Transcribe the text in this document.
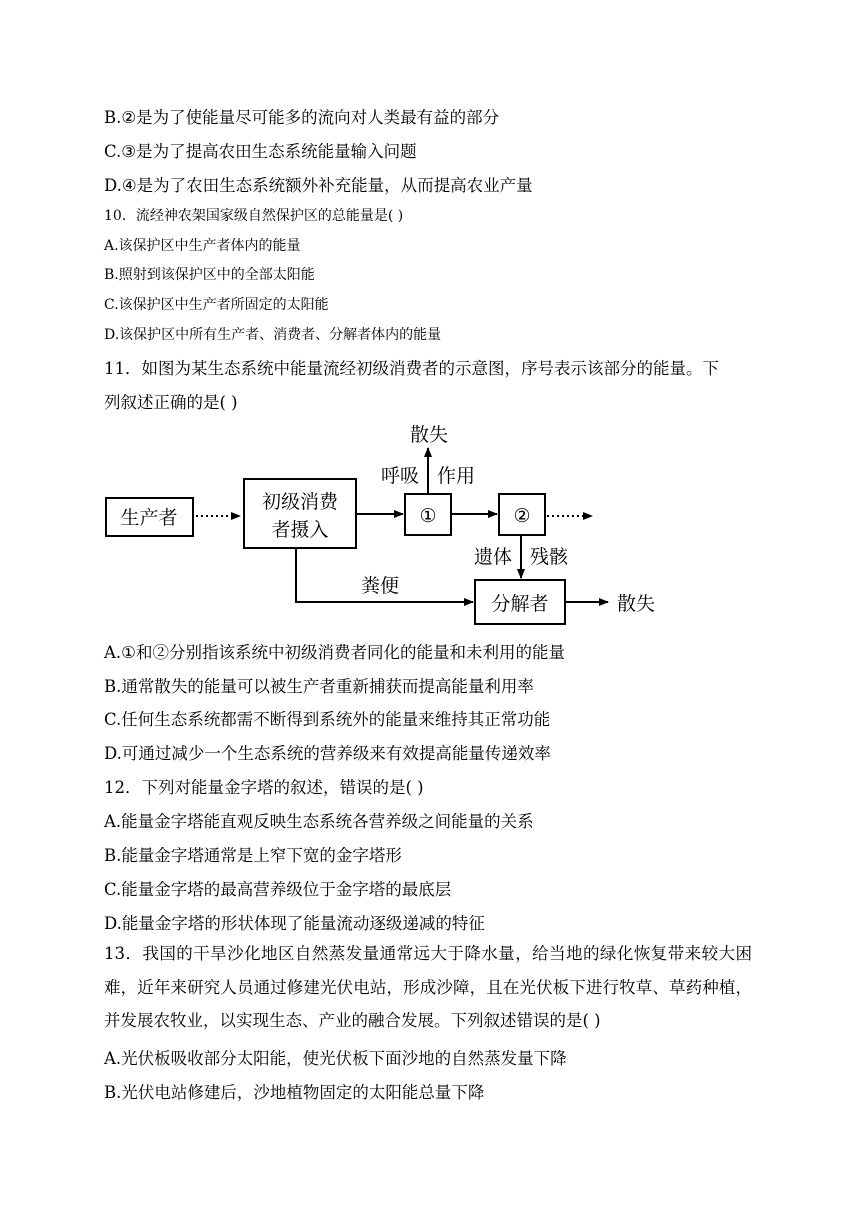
B.②是为了使能量尽可能多的流向对人类最有益的部分
C.③是为了提高农田生态系统能量输入问题
D.④是为了农田生态系统额外补充能量，从而提高农业产量
10．流经神农架国家级自然保护区的总能量是( )
A.该保护区中生产者体内的能量
B.照射到该保护区中的全部太阳能
C.该保护区中生产者所固定的太阳能
D.该保护区中所有生产者、消费者、分解者体内的能量
11．如图为某生态系统中能量流经初级消费者的示意图，序号表示该部分的能量。下
列叙述正确的是( )
生产者
初级消费
者摄入
①	②
分解者
散失
散失
呼吸 作用
遗体 残骸
粪便
A.①和②分别指该系统中初级消费者同化的能量和未利用的能量
B.通常散失的能量可以被生产者重新捕获而提高能量利用率
C.任何生态系统都需不断得到系统外的能量来维持其正常功能
D.可通过减少一个生态系统的营养级来有效提高能量传递效率
12．下列对能量金字塔的叙述，错误的是( )
A.能量金字塔能直观反映生态系统各营养级之间能量的关系
B.能量金字塔通常是上窄下宽的金字塔形
C.能量金字塔的最高营养级位于金字塔的最底层
D.能量金字塔的形状体现了能量流动逐级递减的特征
13．我国的干旱沙化地区自然蒸发量通常远大于降水量，给当地的绿化恢复带来较大困难，近年来研究人员通过修建光伏电站，形成沙障，且在光伏板下进行牧草、草药种植，并发展农牧业，以实现生态、产业的融合发展。下列叙述错误的是( )
A.光伏板吸收部分太阳能，使光伏板下面沙地的自然蒸发量下降
B.光伏电站修建后，沙地植物固定的太阳能总量下降
